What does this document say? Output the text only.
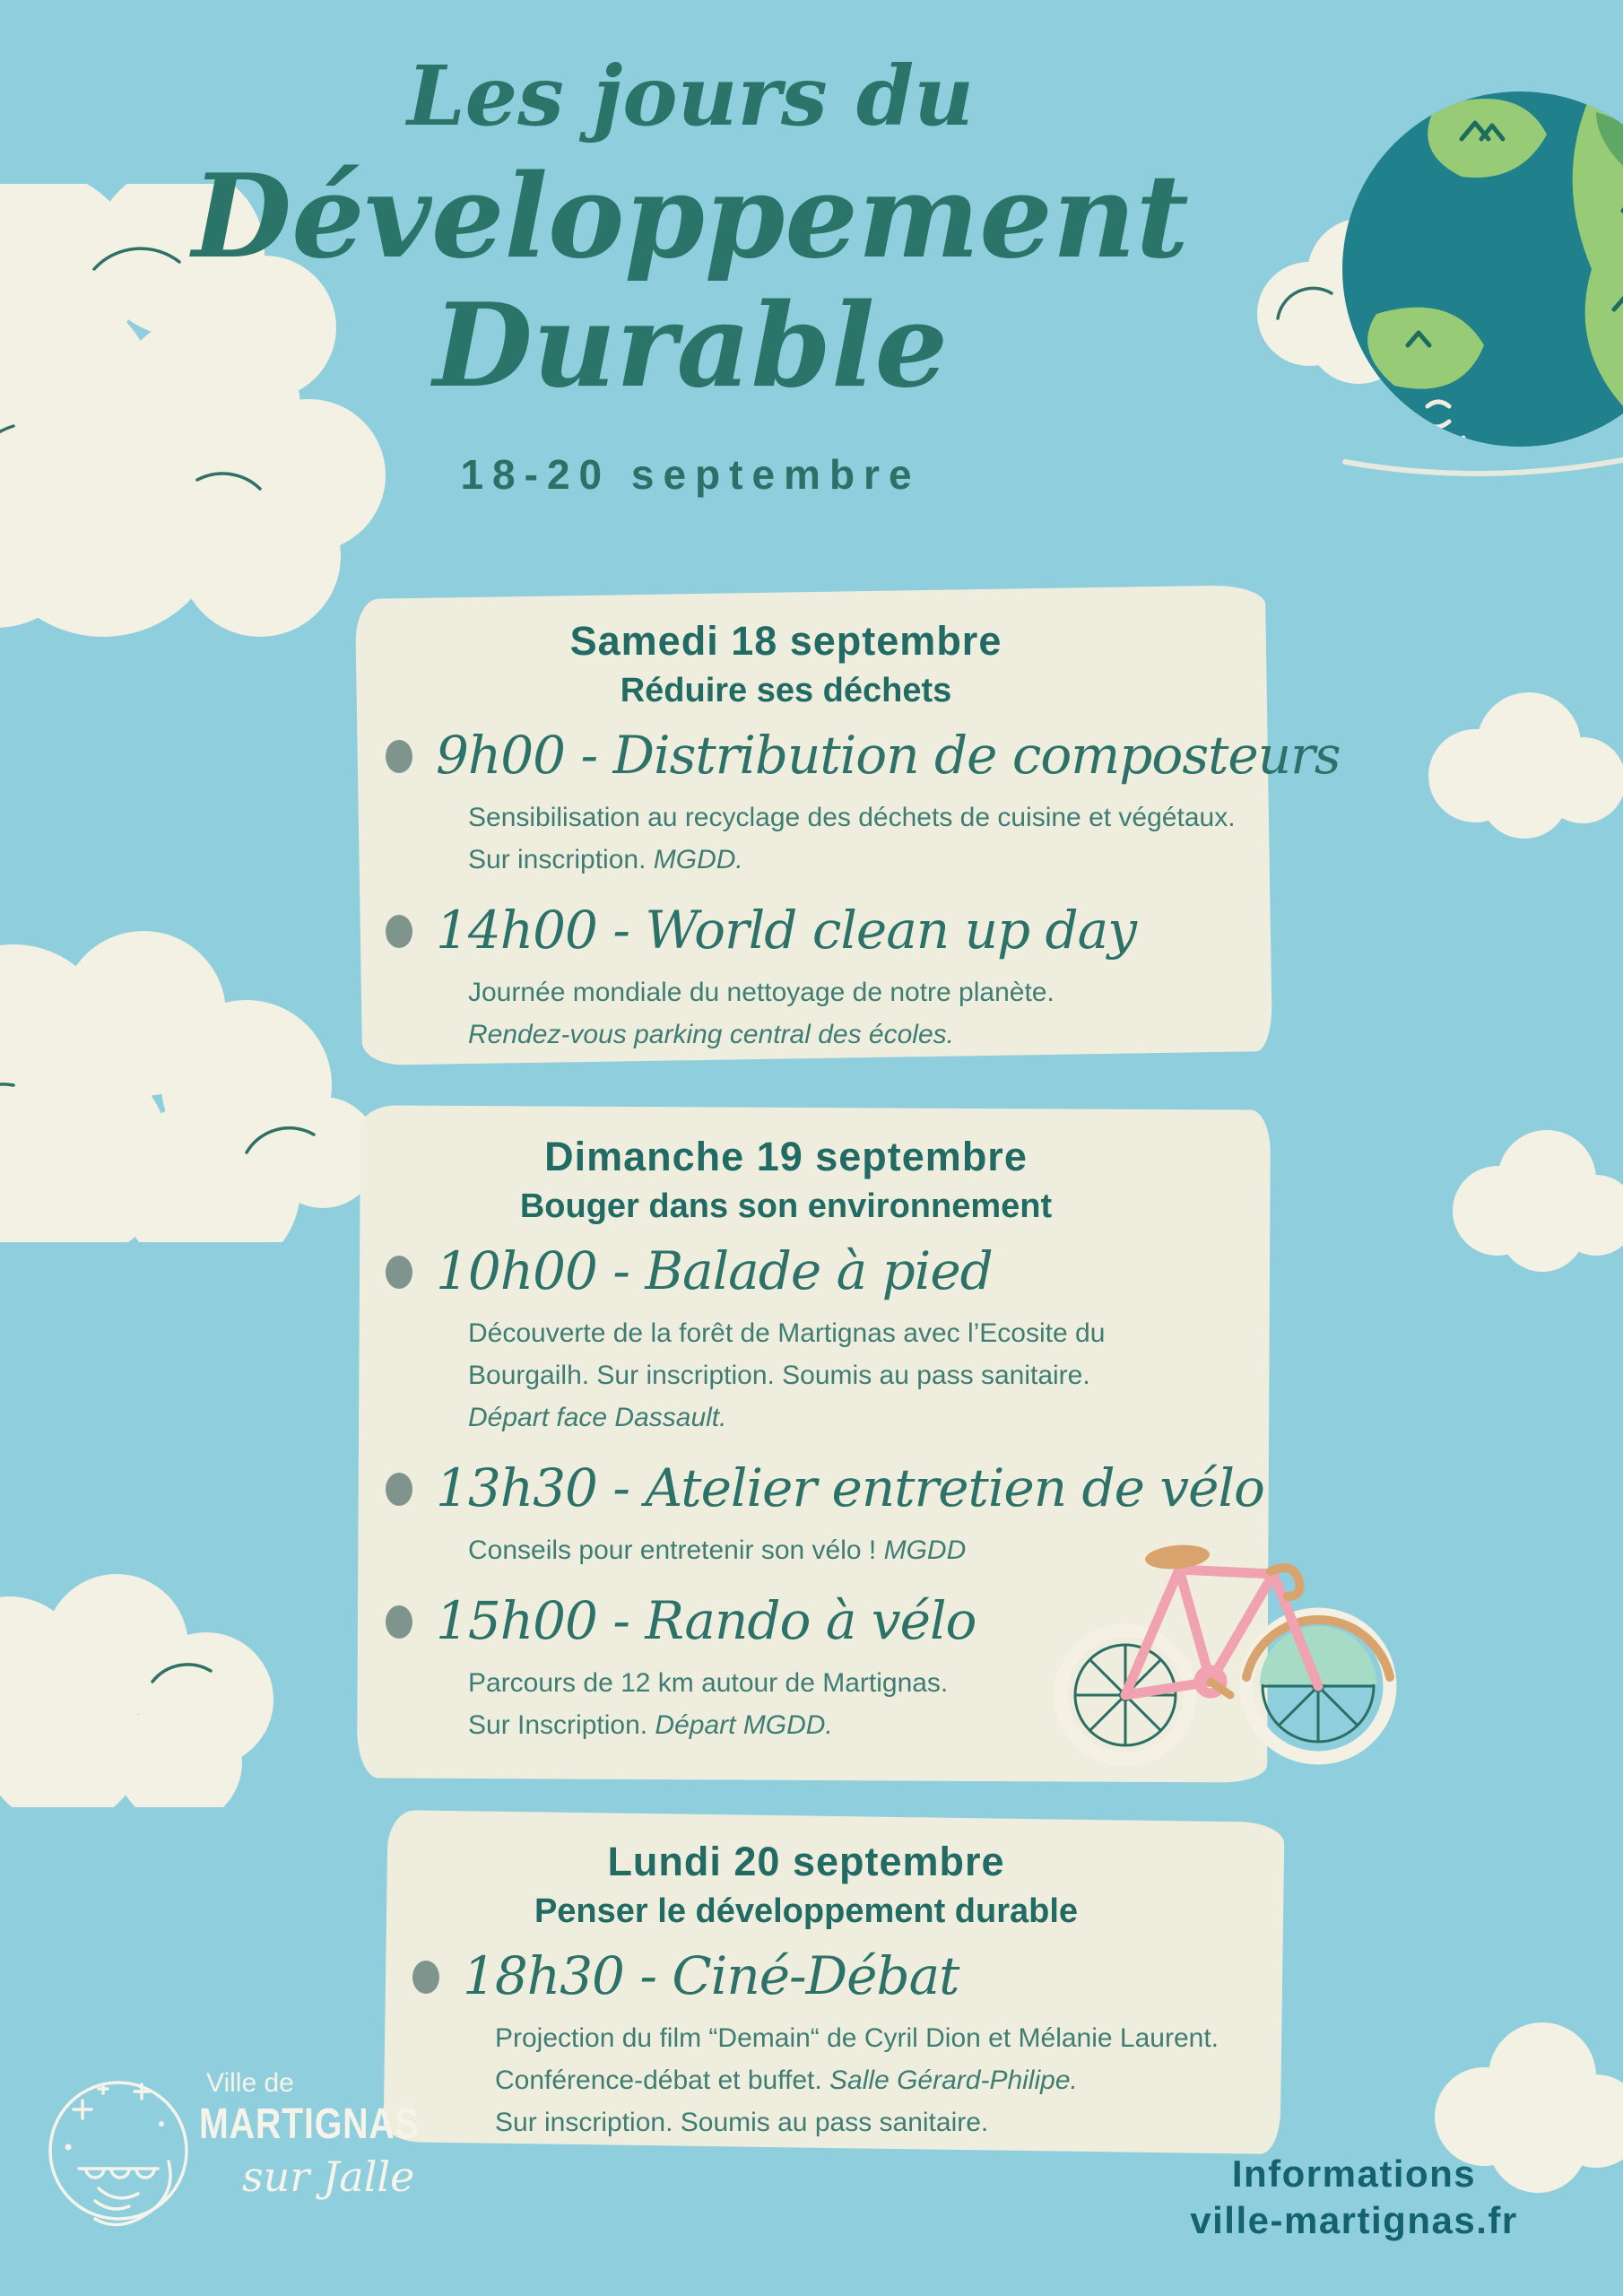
Les jours du
Développement
Durable
18-20 septembre
Samedi 18 septembre
Réduire ses déchets
9h00 - Distribution de composteurs
Sensibilisation au recyclage des déchets de cuisine et végétaux.
Sur inscription. MGDD.
14h00 - World clean up day
Journée mondiale du nettoyage de notre planète.
Rendez-vous parking central des écoles.
Dimanche 19 septembre
Bouger dans son environnement
10h00 - Balade à pied
Découverte de la forêt de Martignas avec l’Ecosite du
Bourgailh. Sur inscription. Soumis au pass sanitaire.
Départ face Dassault.
13h30 - Atelier entretien de vélo
Conseils pour entretenir son vélo ! MGDD
15h00 - Rando à vélo
Parcours de 12 km autour de Martignas.
Sur Inscription. Départ MGDD.
Lundi 20 septembre
Penser le développement durable
18h30 - Ciné-Débat
Projection du film “Demain“ de Cyril Dion et Mélanie Laurent.
Conférence-débat et buffet. Salle Gérard-Philipe.
Sur inscription. Soumis au pass sanitaire.
Ville de
MARTIGNAS
sur Jalle	Informations
ville-martignas.fr
